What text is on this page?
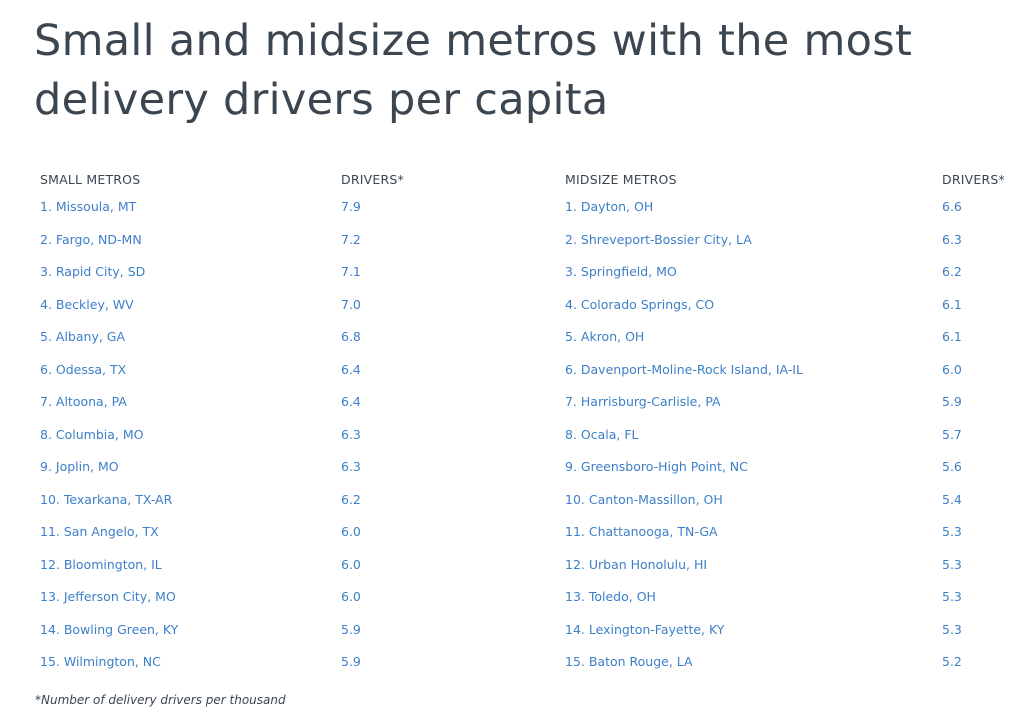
Small and midsize metros with the most delivery drivers per capita
SMALL METROS	DRIVERS*
1. Missoula, MT	7.9
2. Fargo, ND-MN	7.2
3. Rapid City, SD	7.1
4. Beckley, WV	7.0
5. Albany, GA	6.8
6. Odessa, TX	6.4
7. Altoona, PA	6.4
8. Columbia, MO	6.3
9. Joplin, MO	6.3
10. Texarkana, TX-AR	6.2
11. San Angelo, TX	6.0
12. Bloomington, IL	6.0
13. Jefferson City, MO	6.0
14. Bowling Green, KY	5.9
15. Wilmington, NC	5.9
MIDSIZE METROS	DRIVERS*
1. Dayton, OH	6.6
2. Shreveport-Bossier City, LA	6.3
3. Springfield, MO	6.2
4. Colorado Springs, CO	6.1
5. Akron, OH	6.1
6. Davenport-Moline-Rock Island, IA-IL	6.0
7. Harrisburg-Carlisle, PA	5.9
8. Ocala, FL	5.7
9. Greensboro-High Point, NC	5.6
10. Canton-Massillon, OH	5.4
11. Chattanooga, TN-GA	5.3
12. Urban Honolulu, HI	5.3
13. Toledo, OH	5.3
14. Lexington-Fayette, KY	5.3
15. Baton Rouge, LA	5.2
*Number of delivery drivers per thousand
